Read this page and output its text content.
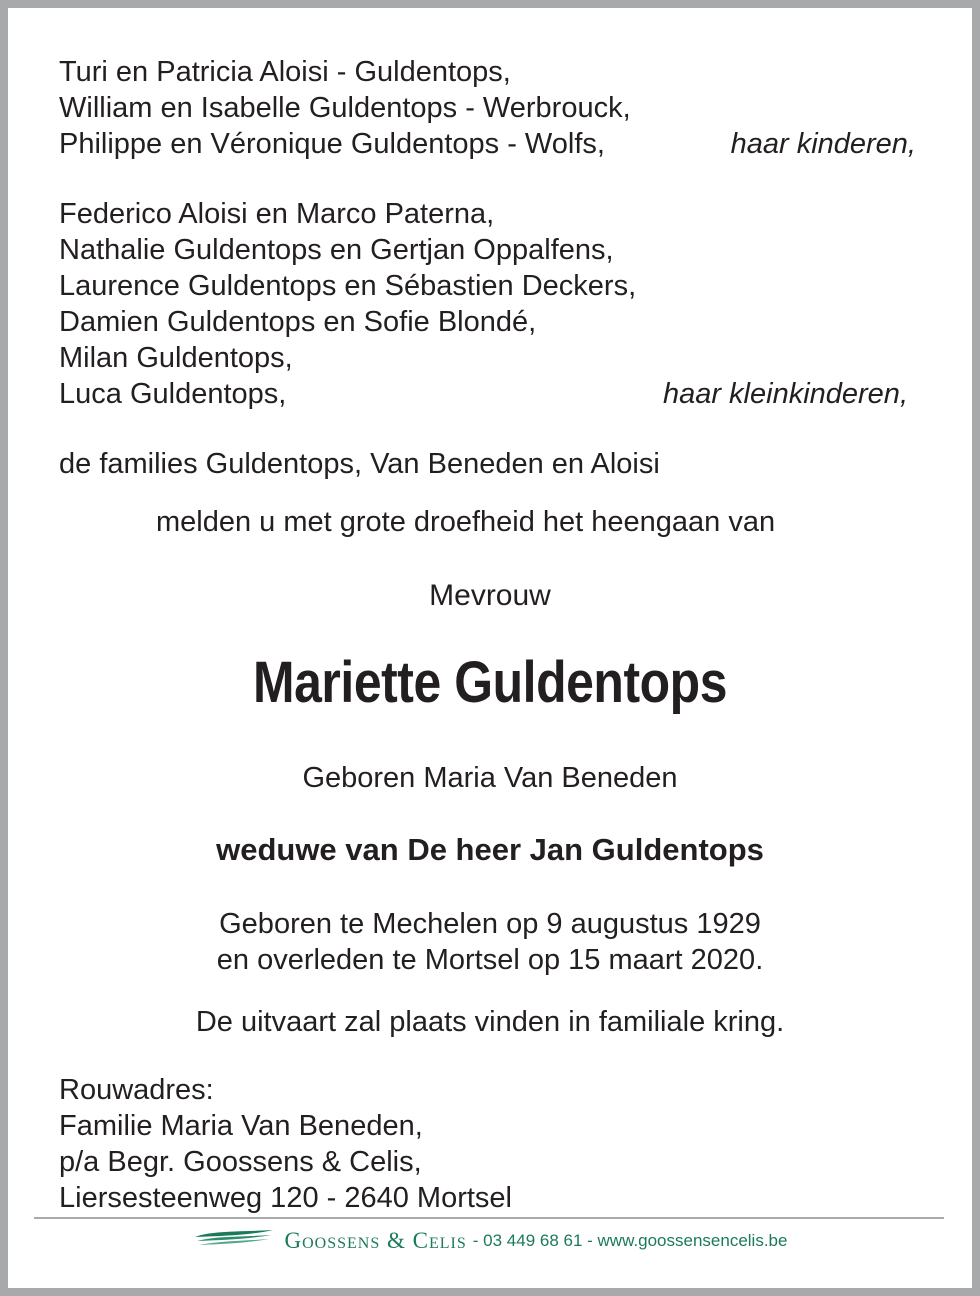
Turi en Patricia Aloisi - Guldentops,
William en Isabelle Guldentops - Werbrouck,
Philippe en Véronique Guldentops - Wolfs,	haar kinderen,
Federico Aloisi en Marco Paterna,
Nathalie Guldentops en Gertjan Oppalfens,
Laurence Guldentops en Sébastien Deckers,
Damien Guldentops en Sofie Blondé,
Milan Guldentops,
Luca Guldentops,	haar kleinkinderen,
de families Guldentops, Van Beneden en Aloisi
melden u met grote droefheid het heengaan van
Mevrouw
Mariette Guldentops
Geboren Maria Van Beneden
weduwe van De heer Jan Guldentops
Geboren te Mechelen op 9 augustus 1929
en overleden te Mortsel op 15 maart 2020.
De uitvaart zal plaats vinden in familiale kring.
Rouwadres:
Familie Maria Van Beneden,
p/a Begr. Goossens & Celis,
Liersesteenweg 120 - 2640 Mortsel
Goossens & Celis - 03 449 68 61 - www.goossensencelis.be
